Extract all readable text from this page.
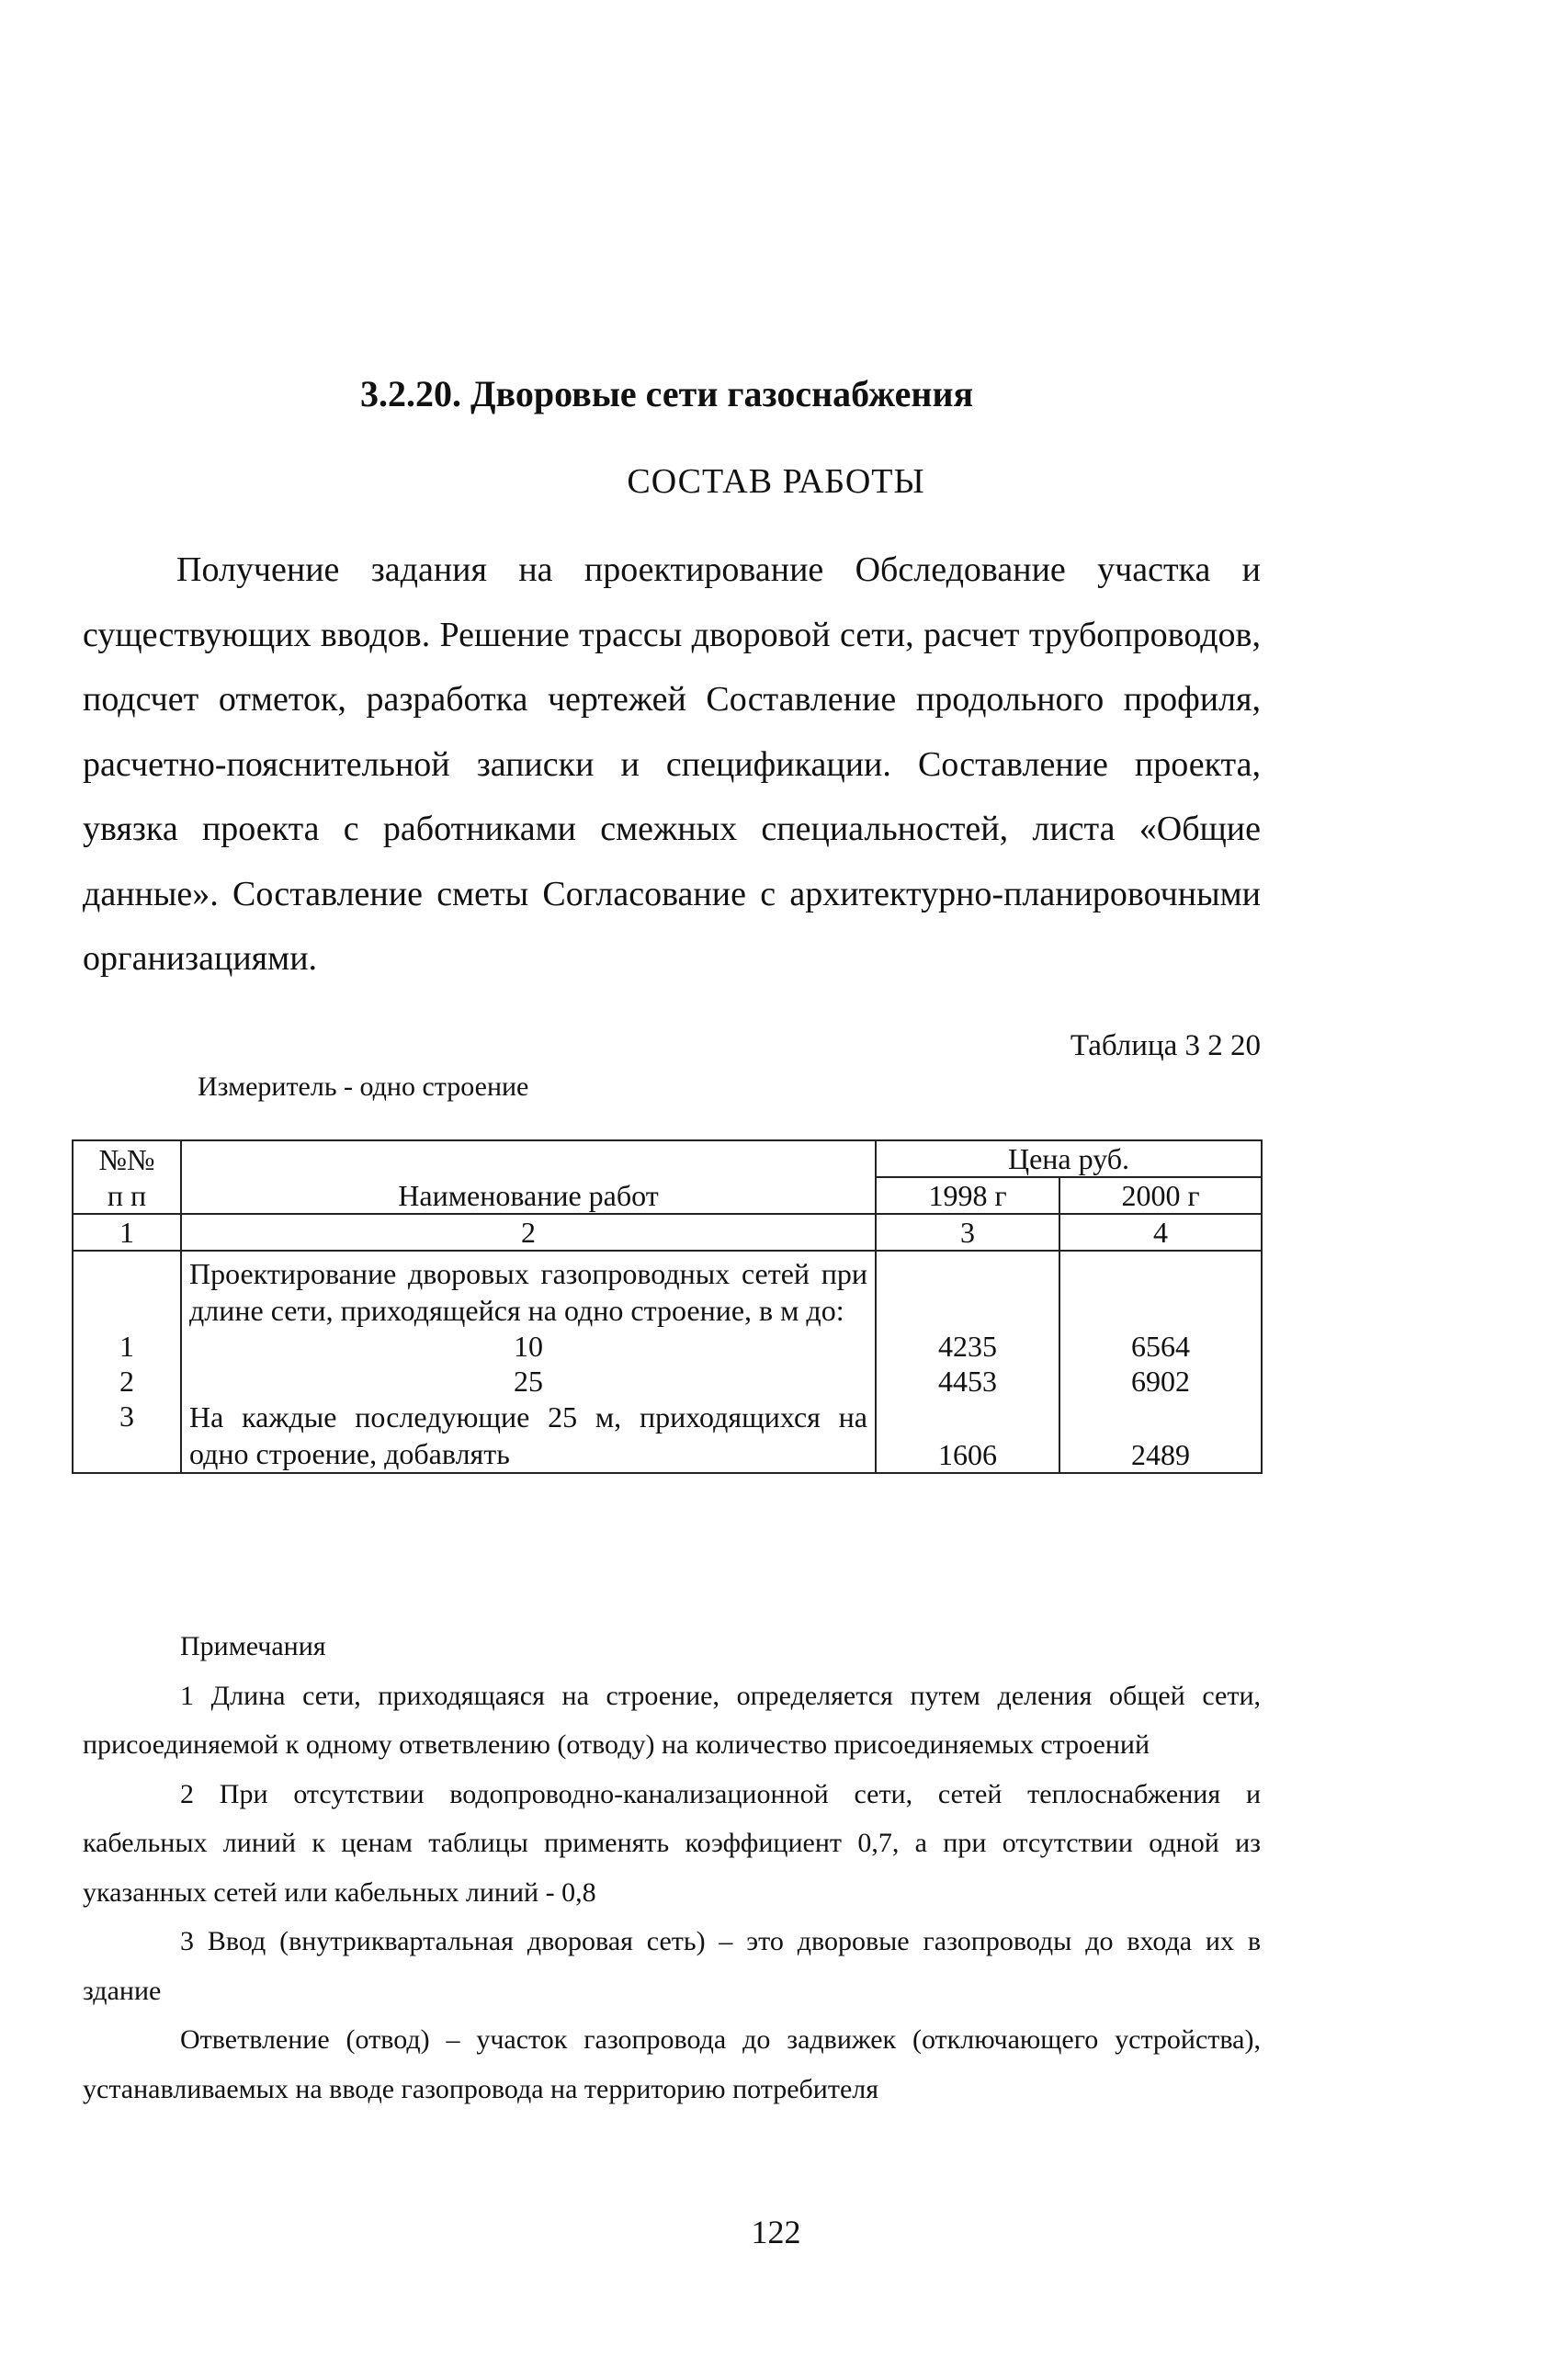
3.2.20. Дворовые сети газоснабжения
СОСТАВ РАБОТЫ

Получение задания на проектирование Обследование участка и существующих вводов. Решение трассы дворовой сети, расчет трубопроводов, подсчет отметок, разработка чертежей Составление продольного профиля, расчетно-пояснительной записки и спецификации. Составление проекта, увязка проекта с работниками смежных специальностей, листа «Общие данные». Составление сметы Согласование с архитектурно-планировочными организациями.

Таблица 3 2 20
Измеритель - одно строение
№№	Наименование работ	Цена руб.	
п п		1998 г	2000 г
1	2	3	4
	Проектирование дворовых газопроводных сетей при длине сети, приходящейся на одно строение, в м до:		
1	10	4235	6564
2	25	4453	6902
3	На каждые последующие 25 м, приходящихся на одно строение, добавлять	1606	2489
Примечания

1 Длина сети, приходящаяся на строение, определяется путем деления общей сети, присоединяемой к одному ответвлению (отводу) на количество присоединяемых строений

2 При отсутствии водопроводно-канализационной сети, сетей теплоснабжения и кабельных линий к ценам таблицы применять коэффициент 0,7, а при отсутствии одной из указанных сетей или кабельных линий - 0,8

3 Ввод (внутриквартальная дворовая сеть) – это дворовые газопроводы до входа их в здание

Ответвление (отвод) – участок газопровода до задвижек (отключающего устройства), устанавливаемых на вводе газопровода на территорию потребителя

122
